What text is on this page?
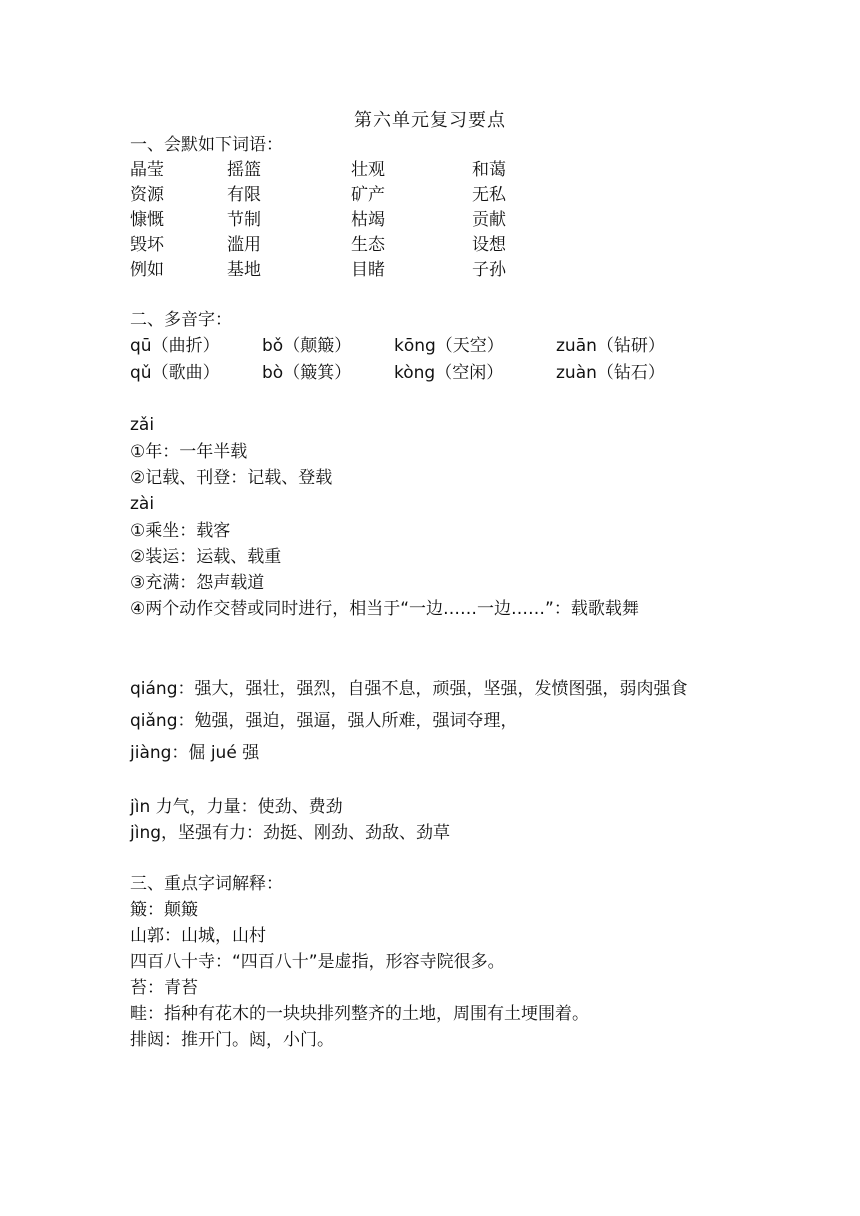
第六单元复习要点
一、会默如下词语：
晶莹	摇篮	壮观	和蔼
资源	有限	矿产	无私
慷慨	节制	枯竭	贡献
毁坏	滥用	生态	设想
例如	基地	目睹	子孙
二、多音字：
qū（曲折）	bǒ（颠簸）	kōng（天空）	zuān（钻研）
qǔ（歌曲）	bò（簸箕）	kòng（空闲）	zuàn（钻石）
zǎi
①年：一年半载
②记载、刊登：记载、登载
zài
①乘坐：载客
②装运：运载、载重
③充满：怨声载道
④两个动作交替或同时进行，相当于“一边……一边……”：载歌载舞
qiáng：强大，强壮，强烈，自强不息，顽强，坚强，发愤图强，弱肉强食
qiǎng：勉强，强迫，强逼，强人所难，强词夺理，
jiàng：倔 jué 强
jìn 力气，力量：使劲、费劲
jìng，坚强有力：劲挺、刚劲、劲敌、劲草
三、重点字词解释：
簸：颠簸
山郭：山城，山村
四百八十寺：“四百八十”是虚指，形容寺院很多。
苔：青苔
畦：指种有花木的一块块排列整齐的土地，周围有土埂围着。
排闼：推开门。闼，小门。
